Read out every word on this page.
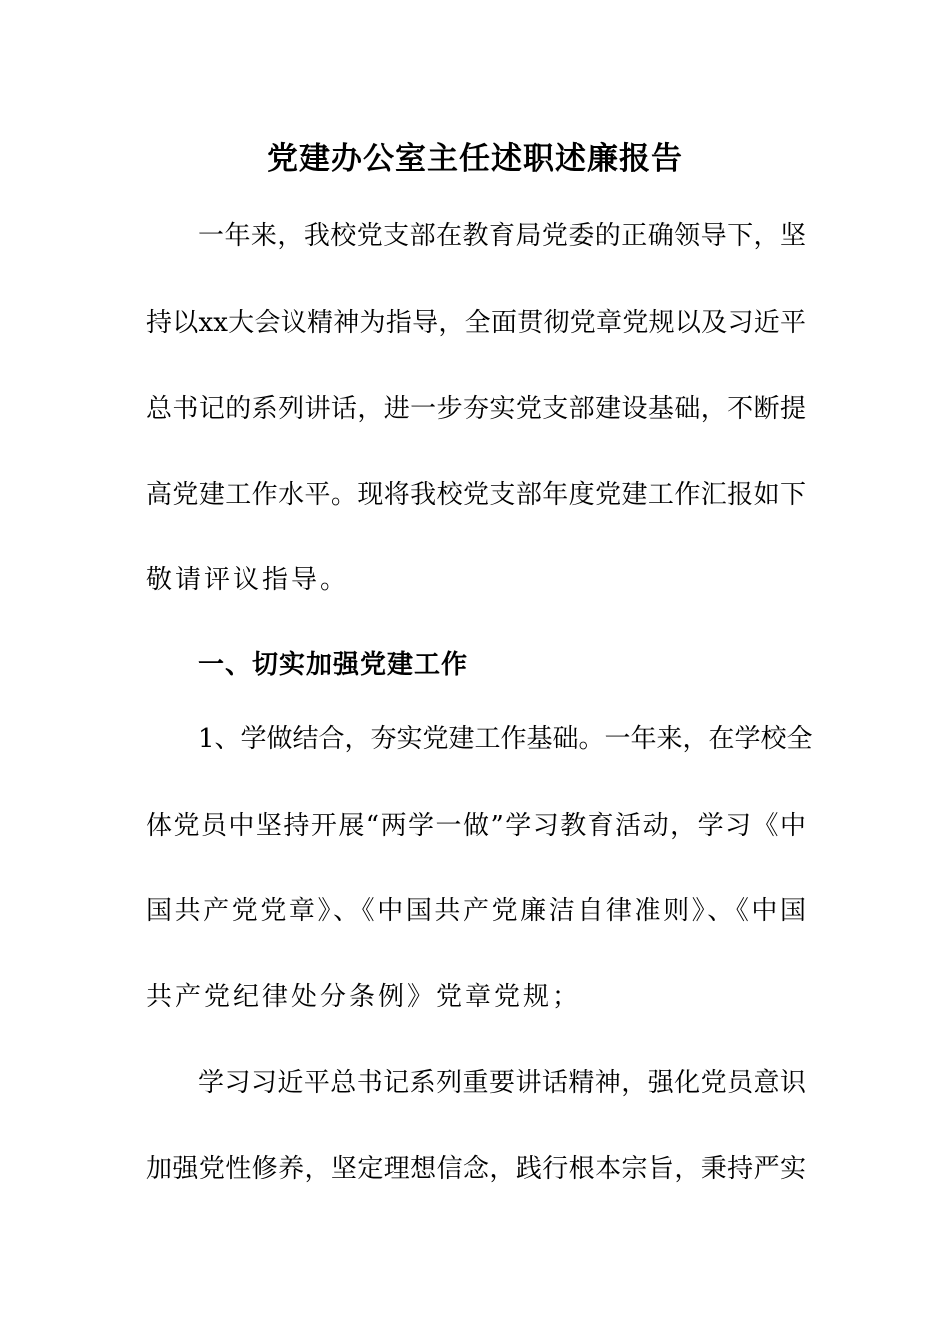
党建办公室主任述职述廉报告
一年来，我校党支部在教育局党委的正确领导下，坚
持以xx大会议精神为指导，全面贯彻党章党规以及习近平
总书记的系列讲话，进一步夯实党支部建设基础，不断提
高党建工作水平。现将我校党支部年度党建工作汇报如下
敬请评议指导。
一、切实加强党建工作
1、学做结合，夯实党建工作基础。一年来，在学校全
体党员中坚持开展“两学一做”学习教育活动，学习《中
国共产党党章》、《中国共产党廉洁自律准则》、《中国
共产党纪律处分条例》党章党规；
学习习近平总书记系列重要讲话精神，强化党员意识
加强党性修养，坚定理想信念，践行根本宗旨，秉持严实
